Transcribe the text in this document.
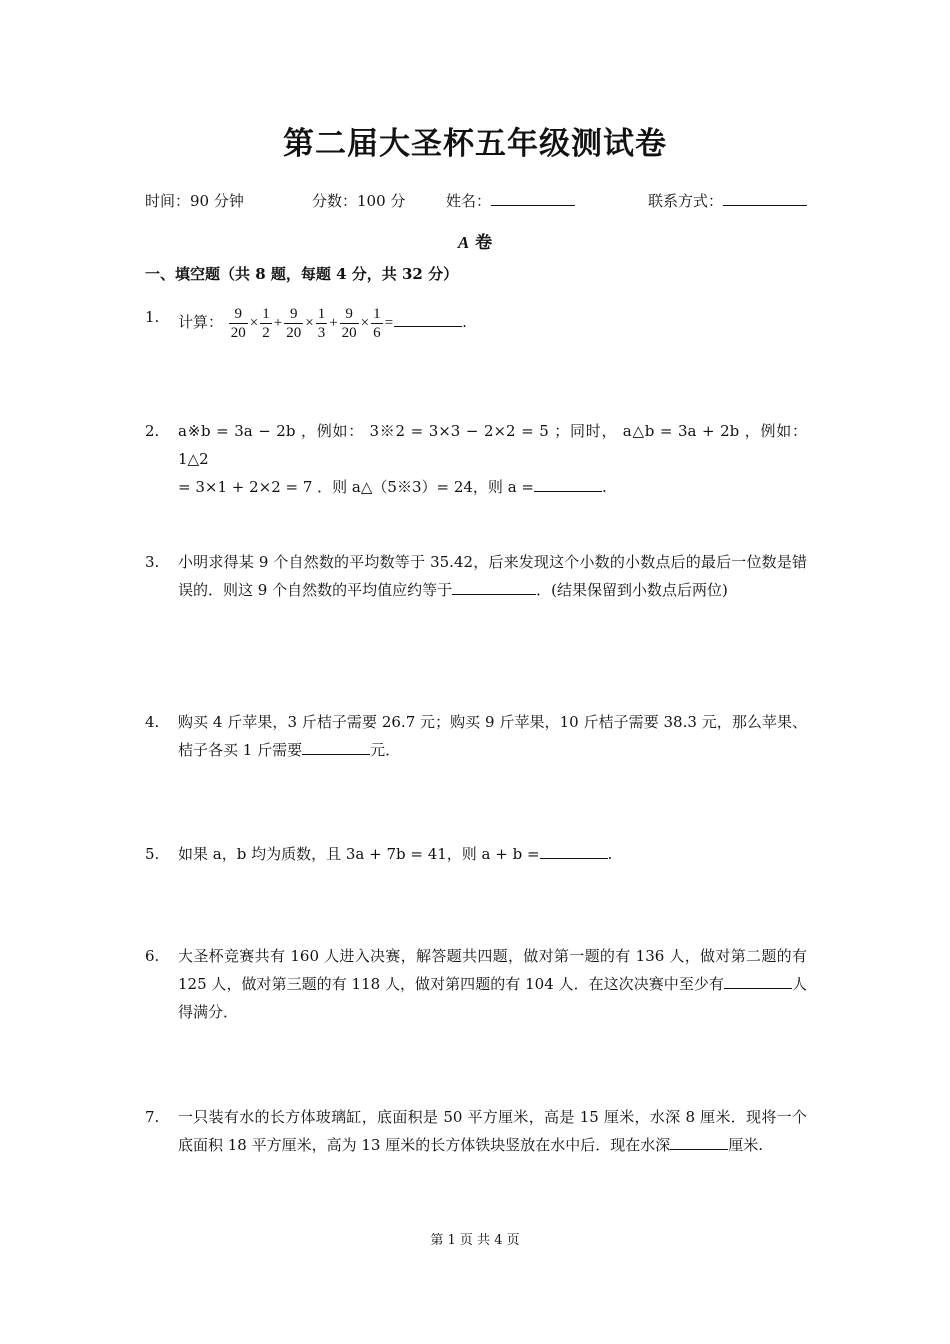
第二届大圣杯五年级测试卷
时间：90 分钟	分数：100 分	姓名：	联系方式：
A 卷
一、填空题（共 8 题，每题 4 分，共 32 分）
1.	计算： $\frac{9}{20} \times \frac{1}{2} + \frac{9}{20} \times \frac{1}{3} + \frac{9}{20} \times \frac{1}{6}$ =	.
2.	a※b = 3a − 2b ，例如： 3※2 = 3×3 − 2×2 = 5 ；同时， a△b = 3a + 2b ，例如： 1△2
= 3×1 + 2×2 = 7 ．则 a△（5※3）= 24，则 a =	.
3.	小明求得某 9 个自然数的平均数等于 35.42，后来发现这个小数的小数点后的最后一位数是错误的．则这 9 个自然数的平均值应约等于	．(结果保留到小数点后两位)
4.	购买 4 斤苹果，3 斤桔子需要 26.7 元；购买 9 斤苹果，10 斤桔子需要 38.3 元，那么苹果、桔子各买 1 斤需要	元．
5.	如果 a，b 均为质数，且 3a + 7b = 41，则 a + b =	.
6.	大圣杯竞赛共有 160 人进入决赛，解答题共四题，做对第一题的有 136 人，做对第二题的有 125 人，做对第三题的有 118 人，做对第四题的有 104 人．在这次决赛中至少有	人得满分．
7.	一只装有水的长方体玻璃缸，底面积是 50 平方厘米，高是 15 厘米，水深 8 厘米．现将一个底面积 18 平方厘米，高为 13 厘米的长方体铁块竖放在水中后．现在水深	厘米.
第 1 页 共 4 页
